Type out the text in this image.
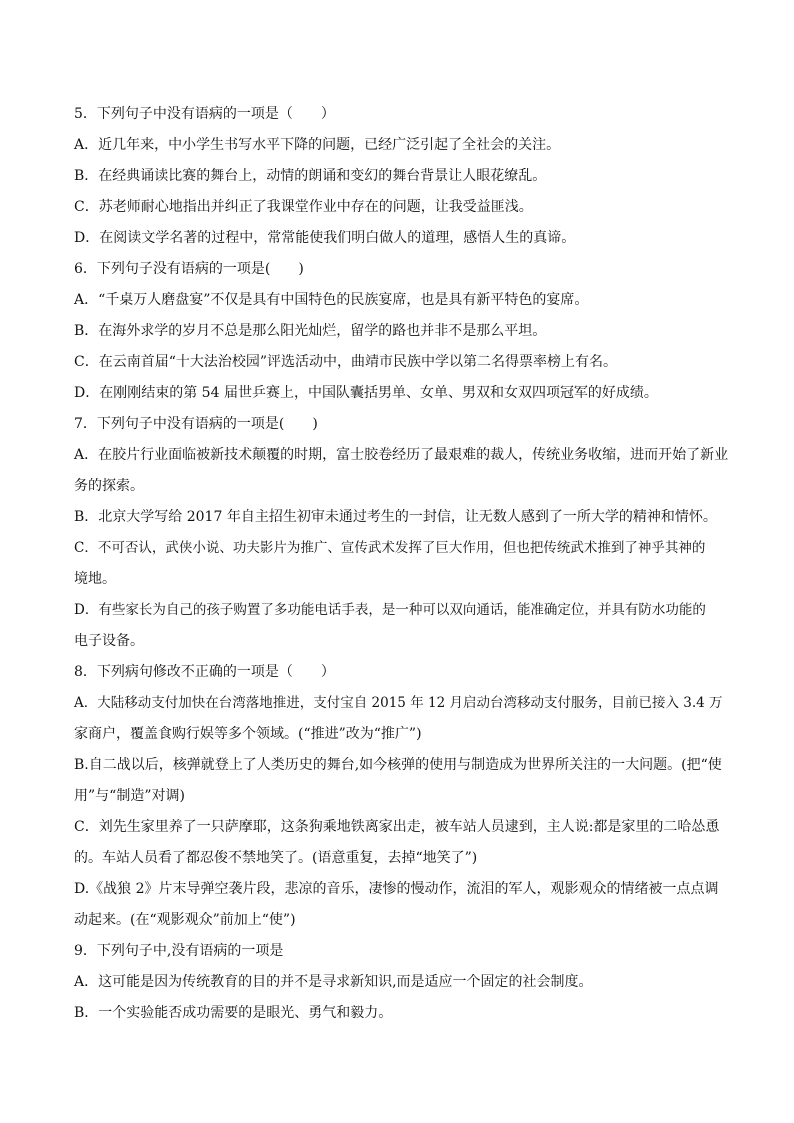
5．下列句子中没有语病的一项是（　　）
A．近几年来，中小学生书写水平下降的问题，已经广泛引起了全社会的关注。
B．在经典诵读比赛的舞台上，动情的朗诵和变幻的舞台背景让人眼花缭乱。
C．苏老师耐心地指出并纠正了我课堂作业中存在的问题，让我受益匪浅。
D．在阅读文学名著的过程中，常常能使我们明白做人的道理，感悟人生的真谛。
6．下列句子没有语病的一项是(　　)
A．“千桌万人磨盘宴”不仅是具有中国特色的民族宴席，也是具有新平特色的宴席。
B．在海外求学的岁月不总是那么阳光灿烂，留学的路也并非不是那么平坦。
C．在云南首届“十大法治校园”评选活动中，曲靖市民族中学以第二名得票率榜上有名。
D．在刚刚结束的第 54 届世乒赛上，中国队囊括男单、女单、男双和女双四项冠军的好成绩。
7．下列句子中没有语病的一项是(　　)
A．在胶片行业面临被新技术颠覆的时期，富士胶卷经历了最艰难的裁人，传统业务收缩，进而开始了新业
务的探索。
B．北京大学写给 2017 年自主招生初审未通过考生的一封信，让无数人感到了一所大学的精神和情怀。
C．不可否认，武侠小说、功夫影片为推广、宣传武术发挥了巨大作用，但也把传统武术推到了神乎其神的
境地。
D．有些家长为自己的孩子购置了多功能电话手表，是一种可以双向通话，能准确定位，并具有防水功能的
电子设备。
8．下列病句修改不正确的一项是（　　）
A．大陆移动支付加快在台湾落地推进，支付宝自 2015 年 12 月启动台湾移动支付服务，目前已接入 3.4 万
家商户，覆盖食购行娱等多个领域。(“推进”改为“推广”)
B.自二战以后，核弹就登上了人类历史的舞台,如今核弹的使用与制造成为世界所关注的一大问题。(把“使
用”与“制造”对调)
C．刘先生家里养了一只萨摩耶，这条狗乘地铁离家出走，被车站人员逮到，主人说:都是家里的二哈怂恿
的。车站人员看了都忍俊不禁地笑了。(语意重复，去掉“地笑了”)
D.《战狼 2》片末导弹空袭片段，悲凉的音乐，凄惨的慢动作，流泪的军人，观影观众的情绪被一点点调
动起来。(在“观影观众”前加上“使”)
9．下列句子中,没有语病的一项是
A．这可能是因为传统教育的目的并不是寻求新知识,而是适应一个固定的社会制度。
B．一个实验能否成功需要的是眼光、勇气和毅力。
